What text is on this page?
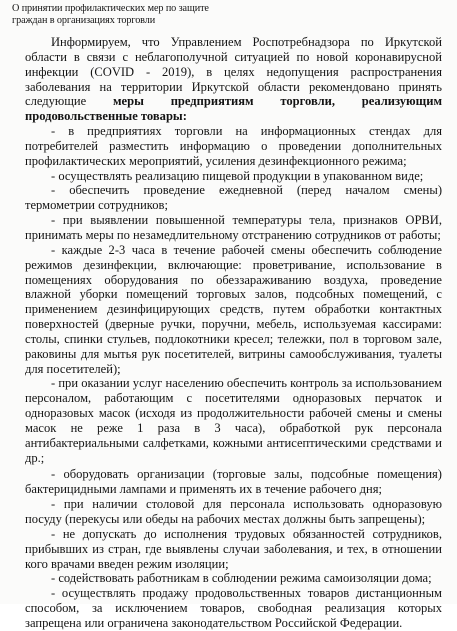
О принятии профилактических мер по защите
граждан в организациях торговли

Информируем, что Управлением Роспотребнадзора по Иркутской области в связи с неблагополучной ситуацией по новой коронавирусной инфекции (COVID - 2019), в целях недопущения распространения заболевания на территории Иркутской области рекомендовано принять следующие меры предприятиям торговли, реализующим продовольственные товары:

- в предприятиях торговли на информационных стендах для потребителей разместить информацию о проведении дополнительных профилактических мероприятий, усиления дезинфекционного режима;

- осуществлять реализацию пищевой продукции в упакованном виде;

- обеспечить проведение ежедневной (перед началом смены) термометрии сотрудников;

- при выявлении повышенной температуры тела, признаков ОРВИ, принимать меры по незамедлительному отстранению сотрудников от работы;

- каждые 2-3 часа в течение рабочей смены обеспечить соблюдение режимов дезинфекции, включающие: проветривание, использование в помещениях оборудования по обеззараживанию воздуха, проведение влажной уборки помещений торговых залов, подсобных помещений, с применением дезинфицирующих средств, путем обработки контактных поверхностей (дверные ручки, поручни, мебель, используемая кассирами: столы, спинки стульев, подлокотники кресел; тележки, пол в торговом зале, раковины для мытья рук посетителей, витрины самообслуживания, туалеты для посетителей);

- при оказании услуг населению обеспечить контроль за использованием персоналом, работающим с посетителями одноразовых перчаток и одноразовых масок (исходя из продолжительности рабочей смены и смены масок не реже 1 раза в 3 часа), обработкой рук персонала антибактериальными салфетками, кожными антисептическими средствами и др.;

- оборудовать организации (торговые залы, подсобные помещения) бактерицидными лампами и применять их в течение рабочего дня;

- при наличии столовой для персонала использовать одноразовую посуду (перекусы или обеды на рабочих местах должны быть запрещены);

- не допускать до исполнения трудовых обязанностей сотрудников, прибывших из стран, где выявлены случаи заболевания, и тех, в отношении кого врачами введен режим изоляции;

- содействовать работникам в соблюдении режима самоизоляции дома;

- осуществлять продажу продовольственных товаров дистанционным способом, за исключением товаров, свободная реализация которых запрещена или ограничена законодательством Российской Федерации.
